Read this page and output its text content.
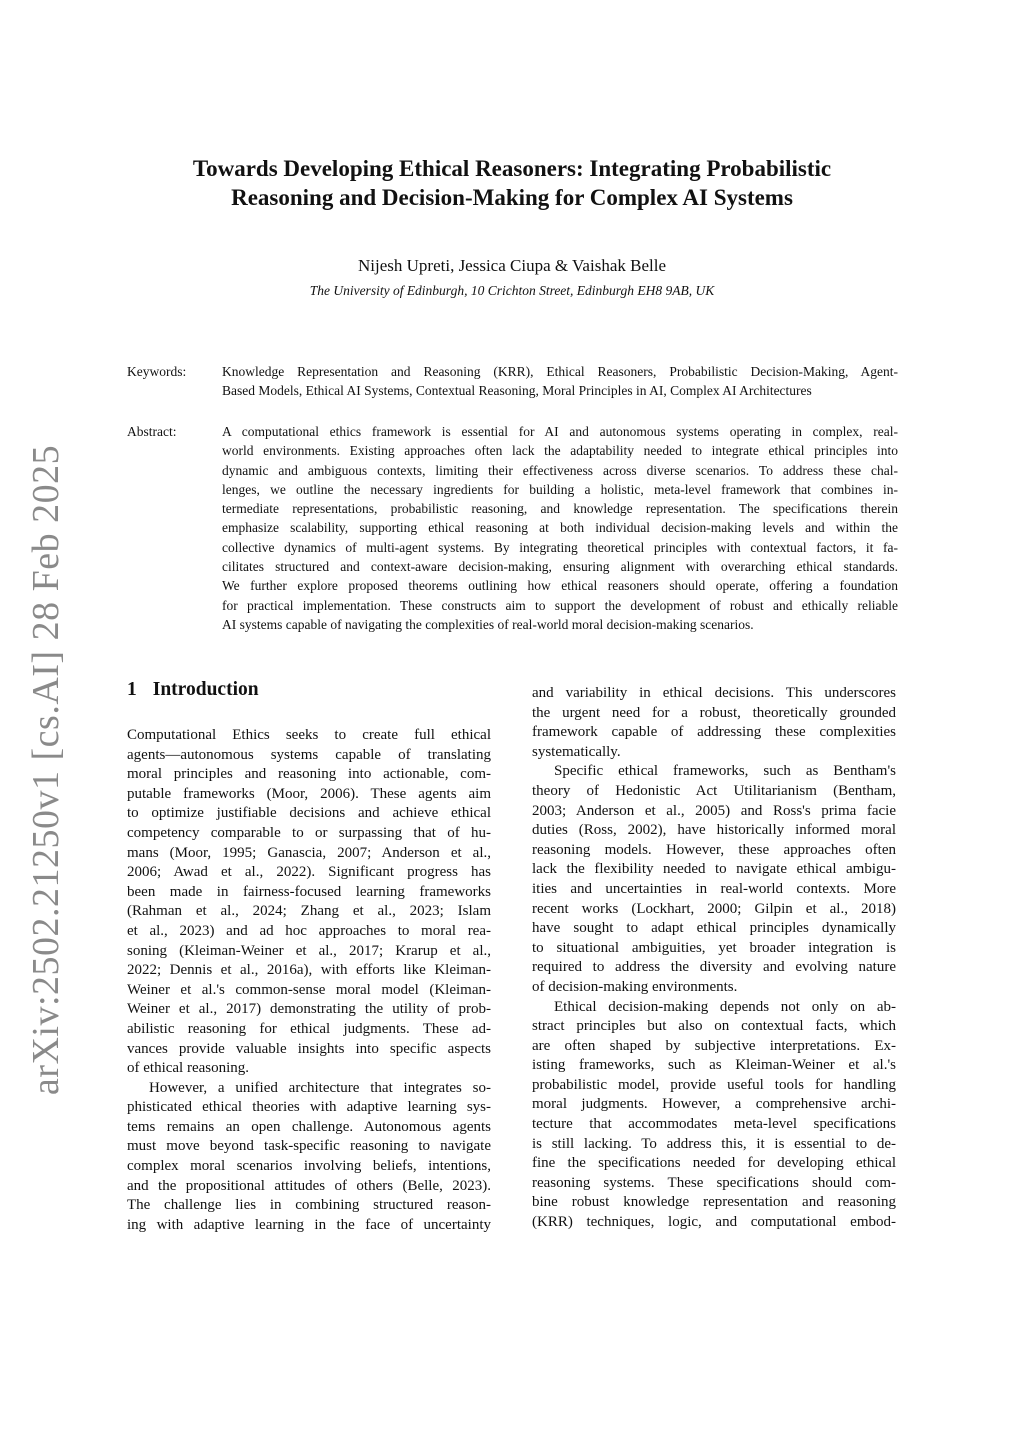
arXiv:2502.21250v1 [cs.AI] 28 Feb 2025
Towards Developing Ethical Reasoners: Integrating Probabilistic
Reasoning and Decision-Making for Complex AI Systems
Nijesh Upreti, Jessica Ciupa & Vaishak Belle
The University of Edinburgh, 10 Crichton Street, Edinburgh EH8 9AB, UK
Keywords:	Knowledge Representation and Reasoning (KRR), Ethical Reasoners, Probabilistic Decision-Making, Agent-
Based Models, Ethical AI Systems, Contextual Reasoning, Moral Principles in AI, Complex AI Architectures
Abstract:	A computational ethics framework is essential for AI and autonomous systems operating in complex, real-
world environments. Existing approaches often lack the adaptability needed to integrate ethical principles into
dynamic and ambiguous contexts, limiting their effectiveness across diverse scenarios. To address these chal-
lenges, we outline the necessary ingredients for building a holistic, meta-level framework that combines in-
termediate representations, probabilistic reasoning, and knowledge representation. The specifications therein
emphasize scalability, supporting ethical reasoning at both individual decision-making levels and within the
collective dynamics of multi-agent systems. By integrating theoretical principles with contextual factors, it fa-
cilitates structured and context-aware decision-making, ensuring alignment with overarching ethical standards.
We further explore proposed theorems outlining how ethical reasoners should operate, offering a foundation
for practical implementation. These constructs aim to support the development of robust and ethically reliable
AI systems capable of navigating the complexities of real-world moral decision-making scenarios.
1 Introduction
Computational Ethics seeks to create full ethical
agents—autonomous systems capable of translating
moral principles and reasoning into actionable, com-
putable frameworks (Moor, 2006). These agents aim
to optimize justifiable decisions and achieve ethical
competency comparable to or surpassing that of hu-
mans (Moor, 1995; Ganascia, 2007; Anderson et al.,
2006; Awad et al., 2022). Significant progress has
been made in fairness-focused learning frameworks
(Rahman et al., 2024; Zhang et al., 2023; Islam
et al., 2023) and ad hoc approaches to moral rea-
soning (Kleiman-Weiner et al., 2017; Krarup et al.,
2022; Dennis et al., 2016a), with efforts like Kleiman-
Weiner et al.'s common-sense moral model (Kleiman-
Weiner et al., 2017) demonstrating the utility of prob-
abilistic reasoning for ethical judgments. These ad-
vances provide valuable insights into specific aspects
of ethical reasoning.
However, a unified architecture that integrates so-
phisticated ethical theories with adaptive learning sys-
tems remains an open challenge. Autonomous agents
must move beyond task-specific reasoning to navigate
complex moral scenarios involving beliefs, intentions,
and the propositional attitudes of others (Belle, 2023).
The challenge lies in combining structured reason-
ing with adaptive learning in the face of uncertainty
and variability in ethical decisions. This underscores
the urgent need for a robust, theoretically grounded
framework capable of addressing these complexities
systematically.
Specific ethical frameworks, such as Bentham's
theory of Hedonistic Act Utilitarianism (Bentham,
2003; Anderson et al., 2005) and Ross's prima facie
duties (Ross, 2002), have historically informed moral
reasoning models. However, these approaches often
lack the flexibility needed to navigate ethical ambigu-
ities and uncertainties in real-world contexts. More
recent works (Lockhart, 2000; Gilpin et al., 2018)
have sought to adapt ethical principles dynamically
to situational ambiguities, yet broader integration is
required to address the diversity and evolving nature
of decision-making environments.
Ethical decision-making depends not only on ab-
stract principles but also on contextual facts, which
are often shaped by subjective interpretations. Ex-
isting frameworks, such as Kleiman-Weiner et al.'s
probabilistic model, provide useful tools for handling
moral judgments. However, a comprehensive archi-
tecture that accommodates meta-level specifications
is still lacking. To address this, it is essential to de-
fine the specifications needed for developing ethical
reasoning systems. These specifications should com-
bine robust knowledge representation and reasoning
(KRR) techniques, logic, and computational embod-
